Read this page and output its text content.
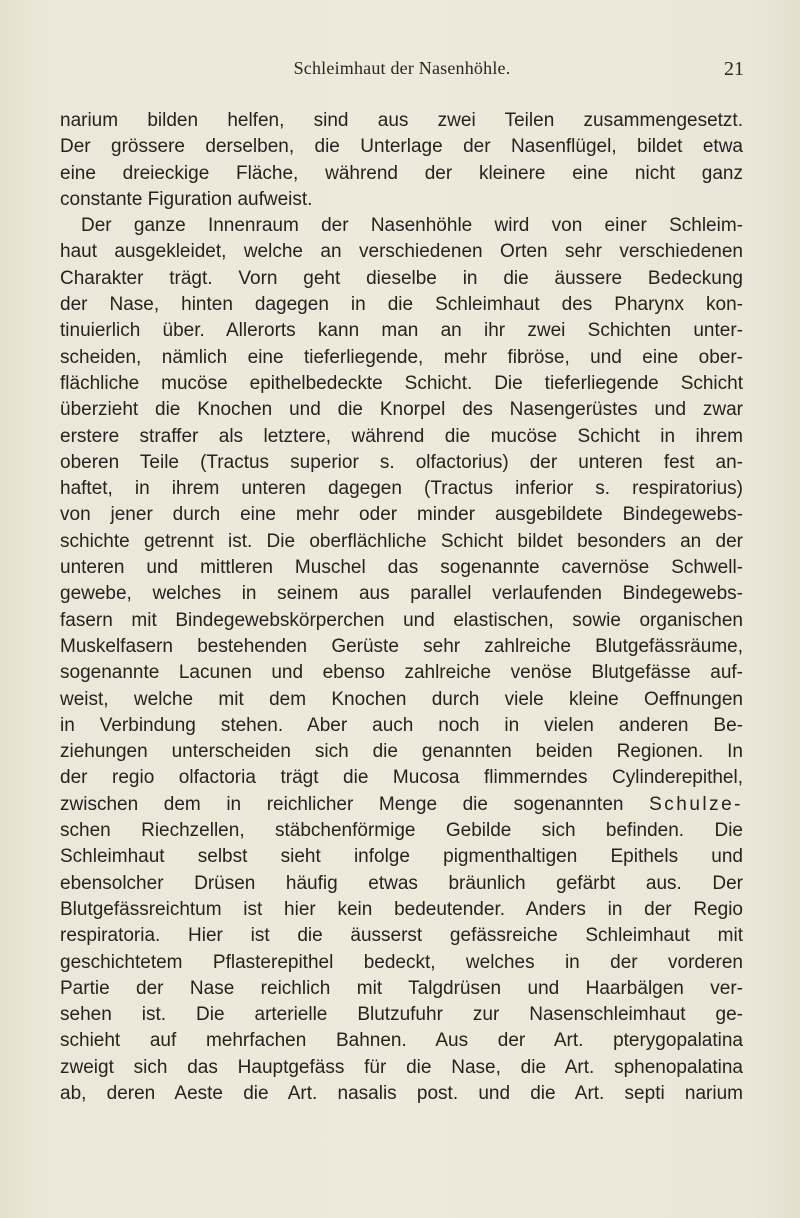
Schleimhaut der Nasenhöhle.	21
narium bilden helfen, sind aus zwei Teilen zusammengesetzt.
Der grössere derselben, die Unterlage der Nasenflügel, bildet etwa
eine dreieckige Fläche, während der kleinere eine nicht ganz
constante Figuration aufweist.
Der ganze Innenraum der Nasenhöhle wird von einer Schleim-
haut ausgekleidet, welche an verschiedenen Orten sehr verschiedenen
Charakter trägt. Vorn geht dieselbe in die äussere Bedeckung
der Nase, hinten dagegen in die Schleimhaut des Pharynx kon-
tinuierlich über. Allerorts kann man an ihr zwei Schichten unter-
scheiden, nämlich eine tieferliegende, mehr fibröse, und eine ober-
flächliche mucöse epithelbedeckte Schicht. Die tieferliegende Schicht
überzieht die Knochen und die Knorpel des Nasengerüstes und zwar
erstere straffer als letztere, während die mucöse Schicht in ihrem
oberen Teile (Tractus superior s. olfactorius) der unteren fest an-
haftet, in ihrem unteren dagegen (Tractus inferior s. respiratorius)
von jener durch eine mehr oder minder ausgebildete Bindegewebs-
schichte getrennt ist. Die oberflächliche Schicht bildet besonders an der
unteren und mittleren Muschel das sogenannte cavernöse Schwell-
gewebe, welches in seinem aus parallel verlaufenden Bindegewebs-
fasern mit Bindegewebskörperchen und elastischen, sowie organischen
Muskelfasern bestehenden Gerüste sehr zahlreiche Blutgefässräume,
sogenannte Lacunen und ebenso zahlreiche venöse Blutgefässe auf-
weist, welche mit dem Knochen durch viele kleine Oeffnungen
in Verbindung stehen. Aber auch noch in vielen anderen Be-
ziehungen unterscheiden sich die genannten beiden Regionen. In
der regio olfactoria trägt die Mucosa flimmerndes Cylinderepithel,
zwischen dem in reichlicher Menge die sogenannten Schulze-
schen Riechzellen, stäbchenförmige Gebilde sich befinden. Die
Schleimhaut selbst sieht infolge pigmenthaltigen Epithels und
ebensolcher Drüsen häufig etwas bräunlich gefärbt aus. Der
Blutgefässreichtum ist hier kein bedeutender. Anders in der Regio
respiratoria. Hier ist die äusserst gefässreiche Schleimhaut mit
geschichtetem Pflasterepithel bedeckt, welches in der vorderen
Partie der Nase reichlich mit Talgdrüsen und Haarbälgen ver-
sehen ist. Die arterielle Blutzufuhr zur Nasenschleimhaut ge-
schieht auf mehrfachen Bahnen. Aus der Art. pterygopalatina
zweigt sich das Hauptgefäss für die Nase, die Art. sphenopalatina
ab, deren Aeste die Art. nasalis post. und die Art. septi narium
